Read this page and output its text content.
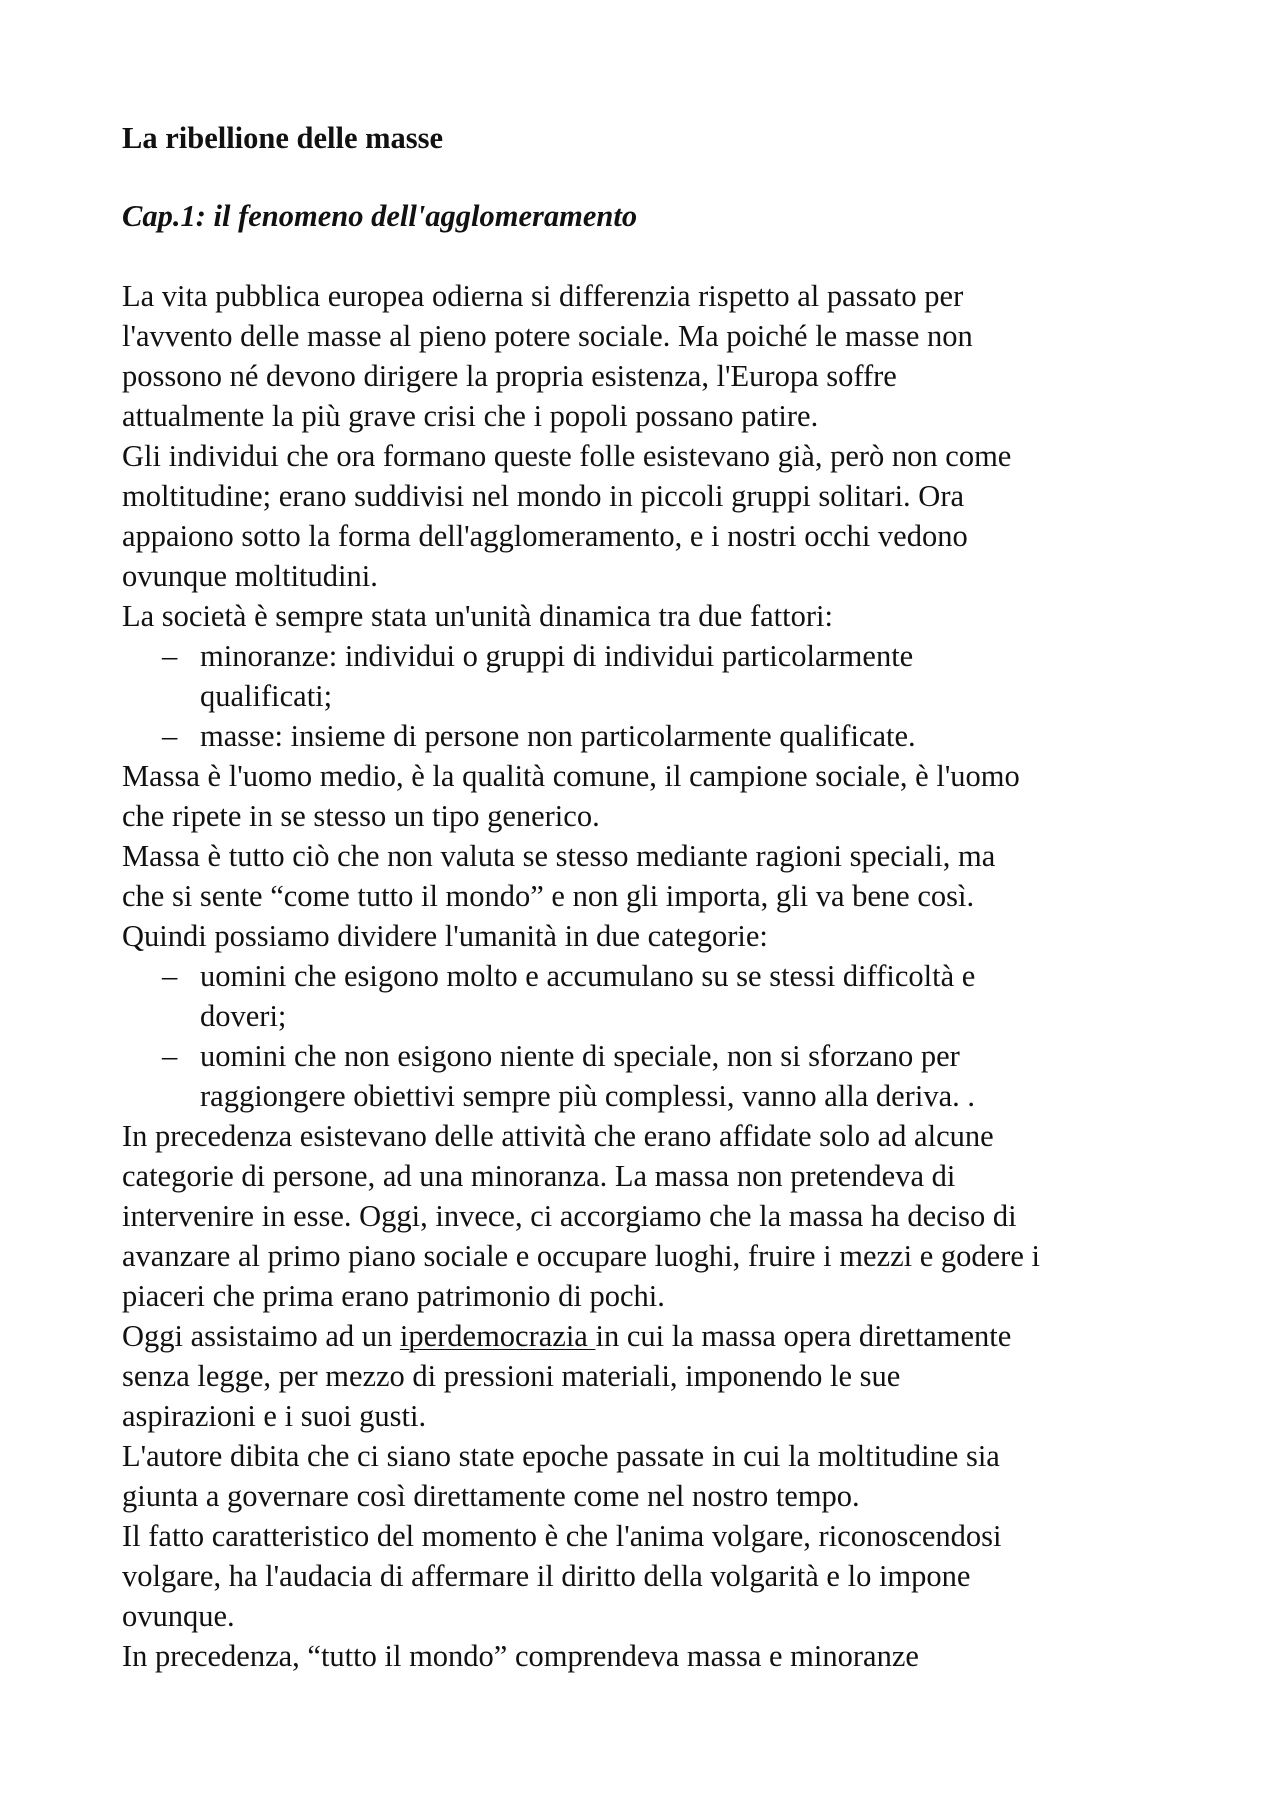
La ribellione delle masse
Cap.1: il fenomeno dell'agglomeramento

La vita pubblica europea odierna si differenzia rispetto al passato per

l'avvento delle masse al pieno potere sociale. Ma poiché le masse non

possono né devono dirigere la propria esistenza, l'Europa soffre

attualmente la più grave crisi che i popoli possano patire.

Gli individui che ora formano queste folle esistevano già, però non come

moltitudine; erano suddivisi nel mondo in piccoli gruppi solitari. Ora

appaiono sotto la forma dell'agglomeramento, e i nostri occhi vedono

ovunque moltitudini.

La società è sempre stata un'unità dinamica tra due fattori:

– minoranze: individui o gruppi di individui particolarmente
qualificati;
– masse: insieme di persone non particolarmente qualificate.

Massa è l'uomo medio, è la qualità comune, il campione sociale, è l'uomo

che ripete in se stesso un tipo generico.

Massa è tutto ciò che non valuta se stesso mediante ragioni speciali, ma

che si sente “come tutto il mondo” e non gli importa, gli va bene così.

Quindi possiamo dividere l'umanità in due categorie:

– uomini che esigono molto e accumulano su se stessi difficoltà e
doveri;
– uomini che non esigono niente di speciale, non si sforzano per
raggiongere obiettivi sempre più complessi, vanno alla deriva. .

In precedenza esistevano delle attività che erano affidate solo ad alcune

categorie di persone, ad una minoranza. La massa non pretendeva di

intervenire in esse. Oggi, invece, ci accorgiamo che la massa ha deciso di

avanzare al primo piano sociale e occupare luoghi, fruire i mezzi e godere i

piaceri che prima erano patrimonio di pochi.

Oggi assistaimo ad un iperdemocrazia in cui la massa opera direttamente

senza legge, per mezzo di pressioni materiali, imponendo le sue

aspirazioni e i suoi gusti.

L'autore dibita che ci siano state epoche passate in cui la moltitudine sia

giunta a governare così direttamente come nel nostro tempo.

Il fatto caratteristico del momento è che l'anima volgare, riconoscendosi

volgare, ha l'audacia di affermare il diritto della volgarità e lo impone

ovunque.

In precedenza, “tutto il mondo” comprendeva massa e minoranze
